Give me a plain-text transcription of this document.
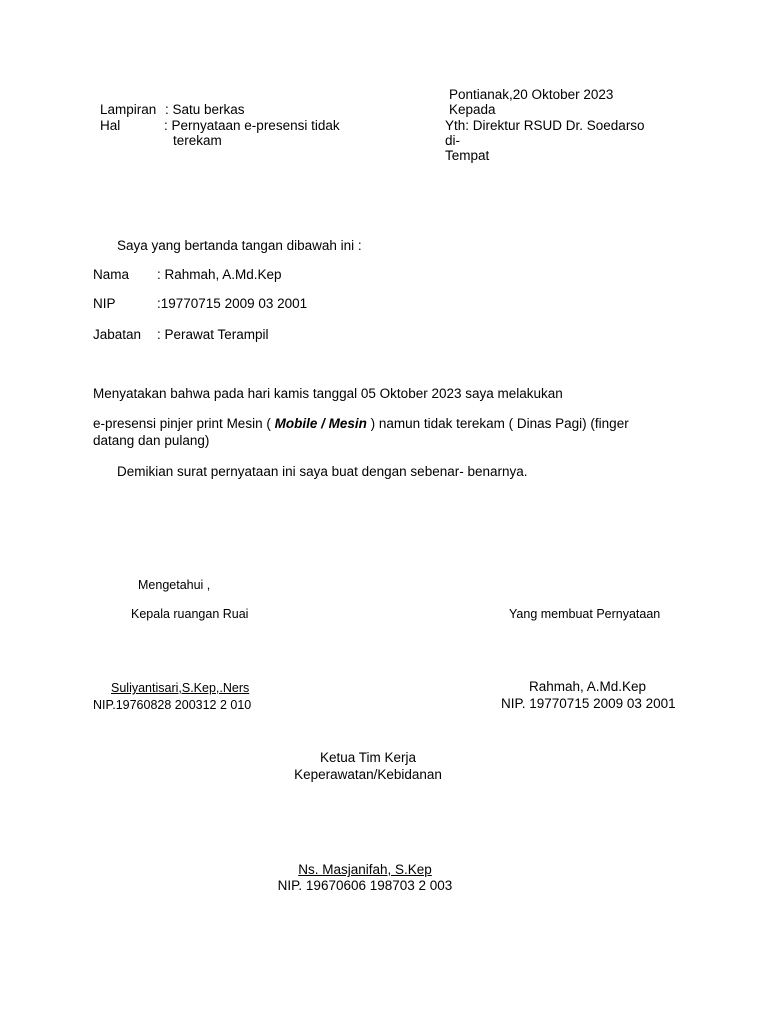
Lampiran : Satu berkas
Hal	: Pernyataan e-presensi tidak
terekam
Pontianak,20 Oktober 2023
Kepada
Yth: Direktur RSUD Dr. Soedarso
di-
Tempat
Saya yang bertanda tangan dibawah ini :
Nama : Rahmah, A.Md.Kep
NIP	:19770715 2009 03 2001
Jabatan : Perawat Terampil
Menyatakan bahwa pada hari kamis tanggal 05 Oktober 2023 saya melakukan
e-presensi pinjer print Mesin ( Mobile / Mesin ) namun tidak terekam ( Dinas Pagi) (finger
datang dan pulang)
Demikian surat pernyataan ini saya buat dengan sebenar- benarnya.
Mengetahui ,
Kepala ruangan Ruai	Yang membuat Pernyataan
Suliyantisari,S.Kep,.Ners
NIP.19760828 200312 2 010
Rahmah, A.Md.Kep
NIP. 19770715 2009 03 2001
Ketua Tim Kerja
Keperawatan/Kebidanan
Ns. Masjanifah, S.Kep
NIP. 19670606 198703 2 003
